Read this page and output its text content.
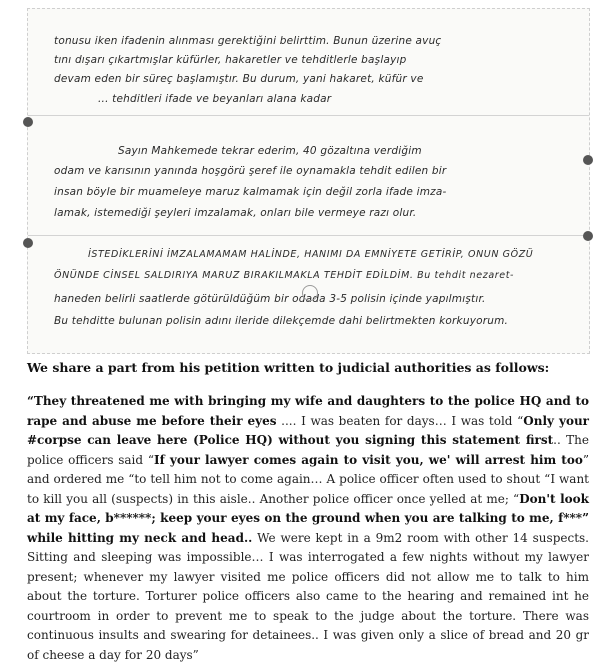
tonusu iken ifadenin alınması gerektiğini belirttim. Bunun üzerine avuç
tını dışarı çıkartmışlar küfürler, hakaretler ve tehditlerle başlayıp
devam eden bir süreç başlamıştır. Bu durum, yani hakaret, küfür ve
... tehditleri ifade ve beyanları alana kadar
Sayın Mahkemede tekrar ederim, 40 gözaltına verdiğim
odam ve karısının yanında hoşgörü şeref ile oynamakla tehdit edilen bir
insan böyle bir muameleye maruz kalmamak için değil zorla ifade imza-
lamak, istemediği şeyleri imzalamak, onları bile vermeye razı olur.
İSTEDİKLERİNİ İMZALAMAMAM HALİNDE, HANIMI DA EMNİYETE GETİRİP, ONUN GÖZÜ
ÖNÜNDE CİNSEL SALDIRIYA MARUZ BIRAKILMAKLA TEHDİT EDİLDİM. Bu tehdit nezaret-
haneden belirli saatlerde götürüldüğüm bir odada 3-5 polisin içinde yapılmıştır.
Bu tehditte bulunan polisin adını ileride dilekçemde dahi belirtmekten korkuyorum.
We share a part from his petition written to judicial authorities as follows:
“They threatened me with bringing my wife and daughters to the police HQ and to rape and abuse me before their eyes .... I was beaten for days… I was told “Only your #corpse can leave here (Police HQ) without you signing this statement first.. The police officers said “If your lawyer comes again to visit you, we' will arrest him too” and ordered me “to tell him not to come again… A police officer often used to shout “I want to kill you all (suspects) in this aisle.. Another police officer once yelled at me; “Don't look at my face, b******; keep your eyes on the ground when you are talking to me, f***” while hitting my neck and head.. We were kept in a 9m2 room with other 14 suspects. Sitting and sleeping was impossible… I was interrogated a few nights without my lawyer present; whenever my lawyer visited me police officers did not allow me to talk to him about the torture. Torturer police officers also came to the hearing and remained int he courtroom in order to prevent me to speak to the judge about the torture. There was continuous insults and swearing for detainees.. I was given only a slice of bread and 20 gr of cheese a day for 20 days”
